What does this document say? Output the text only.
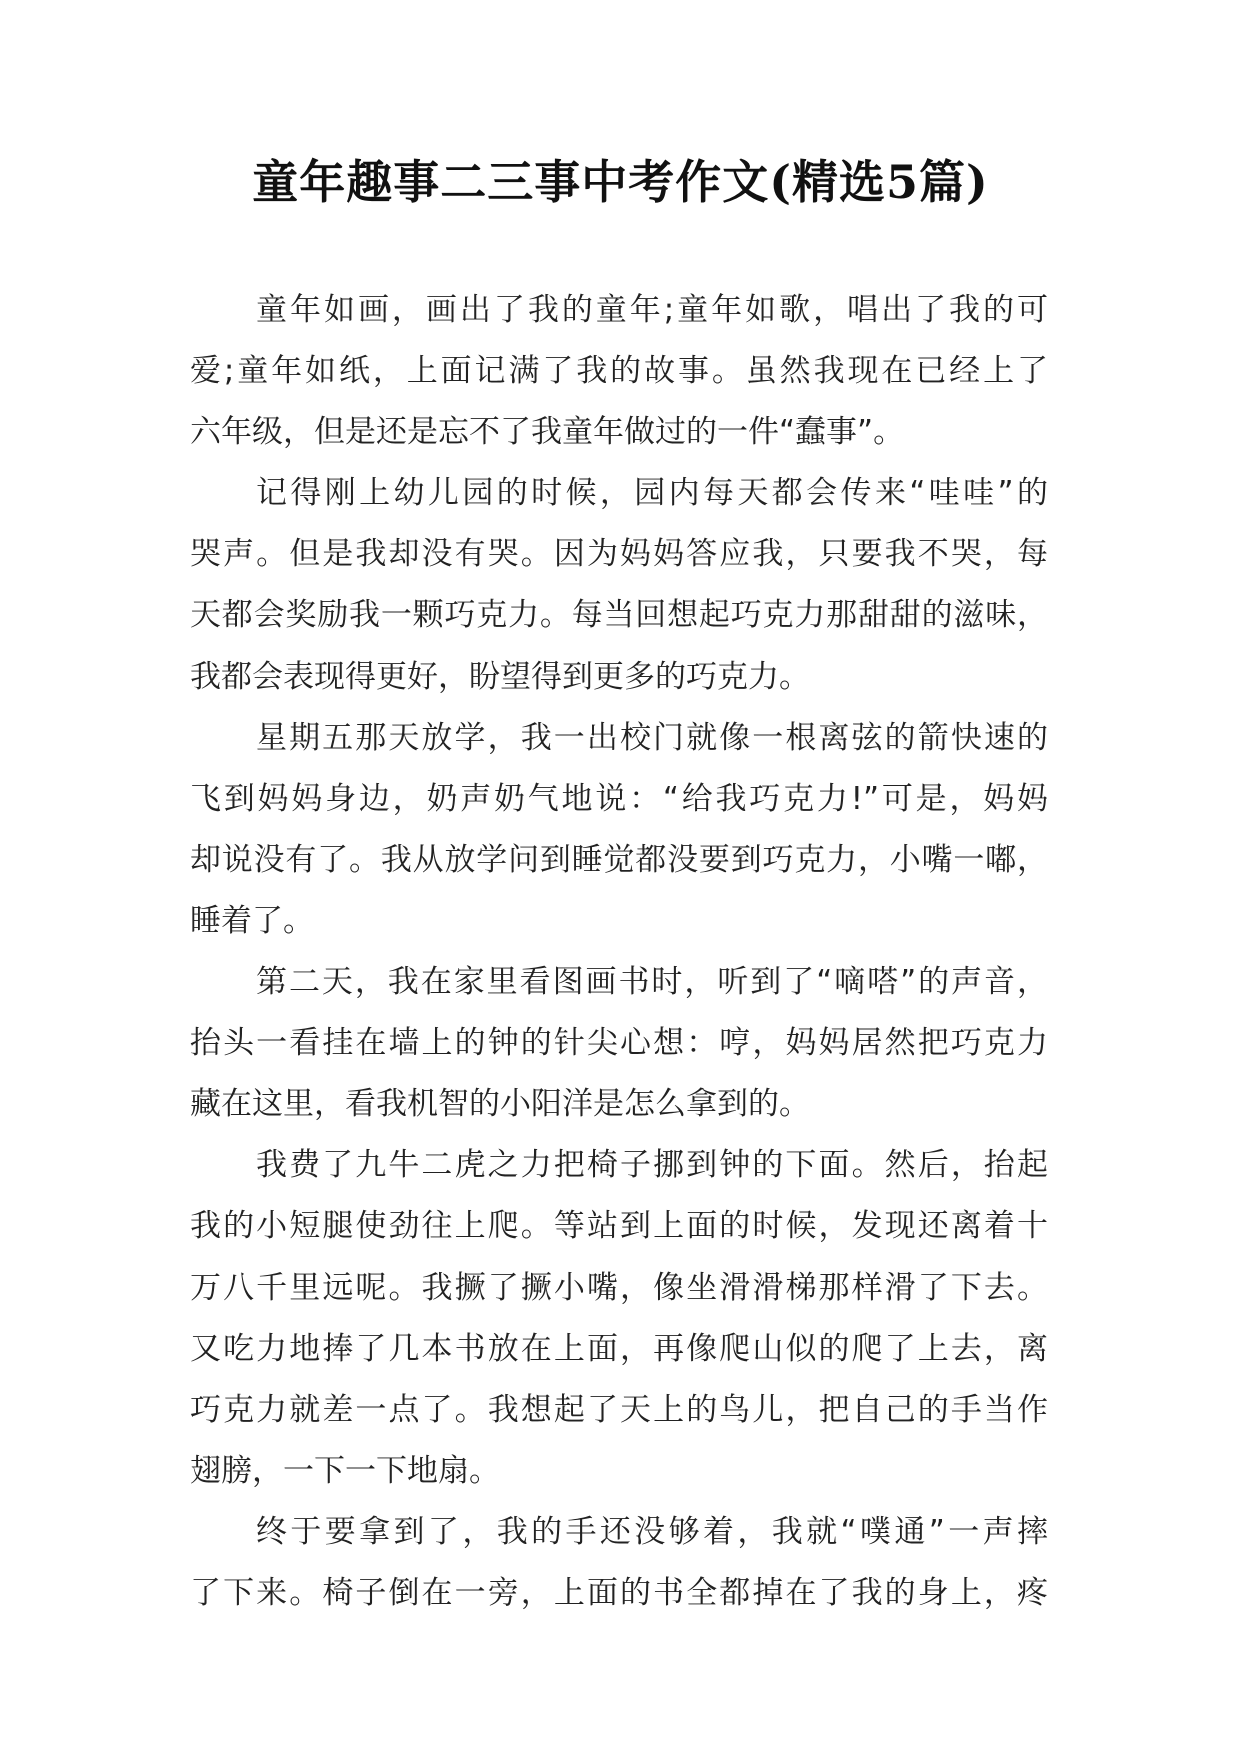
童年趣事二三事中考作文(精选5篇)

童年如画，画出了我的童年;童年如歌，唱出了我的可

爱;童年如纸，上面记满了我的故事。虽然我现在已经上了

六年级，但是还是忘不了我童年做过的一件“蠢事”。

记得刚上幼儿园的时候，园内每天都会传来“哇哇”的

哭声。但是我却没有哭。因为妈妈答应我，只要我不哭，每

天都会奖励我一颗巧克力。每当回想起巧克力那甜甜的滋味，

我都会表现得更好，盼望得到更多的巧克力。

星期五那天放学，我一出校门就像一根离弦的箭快速的

飞到妈妈身边，奶声奶气地说：“给我巧克力!”可是，妈妈

却说没有了。我从放学问到睡觉都没要到巧克力，小嘴一嘟，

睡着了。

第二天，我在家里看图画书时，听到了“嘀嗒”的声音，

抬头一看挂在墙上的钟的针尖心想：哼，妈妈居然把巧克力

藏在这里，看我机智的小阳洋是怎么拿到的。

我费了九牛二虎之力把椅子挪到钟的下面。然后，抬起

我的小短腿使劲往上爬。等站到上面的时候，发现还离着十

万八千里远呢。我撅了撅小嘴，像坐滑滑梯那样滑了下去。

又吃力地捧了几本书放在上面，再像爬山似的爬了上去，离

巧克力就差一点了。我想起了天上的鸟儿，把自己的手当作

翅膀，一下一下地扇。

终于要拿到了，我的手还没够着，我就“噗通”一声摔

了下来。椅子倒在一旁，上面的书全都掉在了我的身上，疼
